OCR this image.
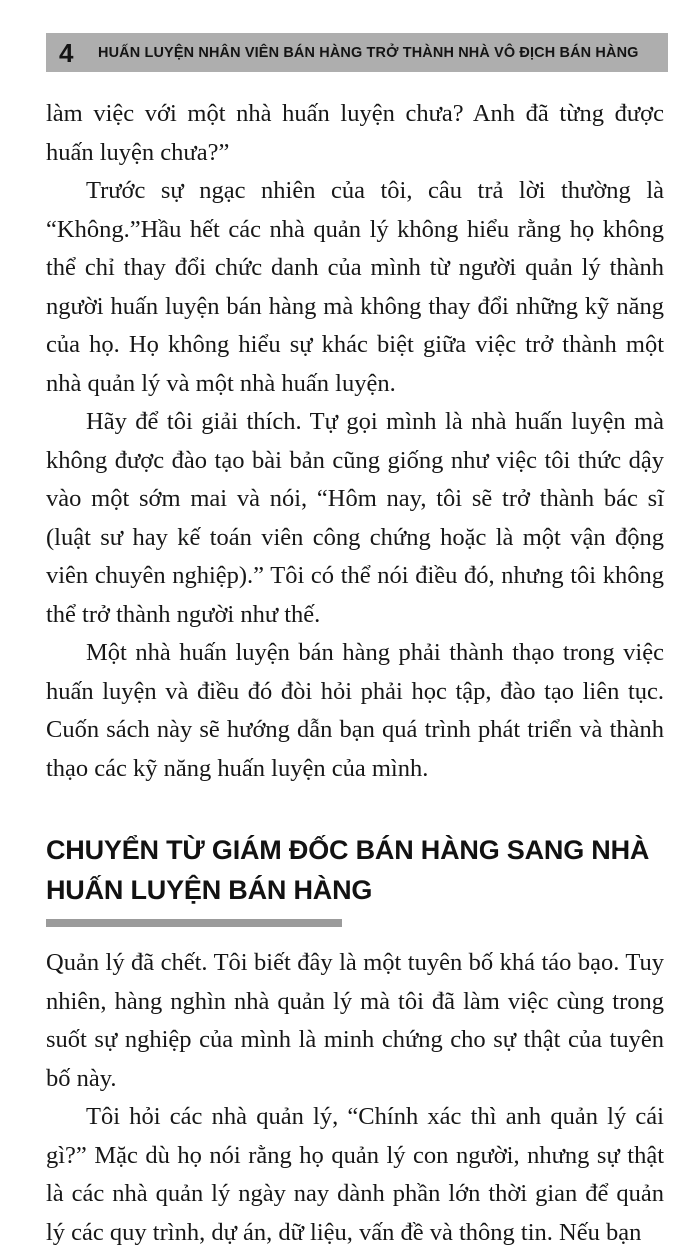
4 HUẤN LUYỆN NHÂN VIÊN BÁN HÀNG TRỞ THÀNH NHÀ VÔ ĐỊCH BÁN HÀNG

làm việc với một nhà huấn luyện chưa? Anh đã từng được huấn luyện chưa?”

Trước sự ngạc nhiên của tôi, câu trả lời thường là “Không.”Hầu hết các nhà quản lý không hiểu rằng họ không thể chỉ thay đổi chức danh của mình từ người quản lý thành người huấn luyện bán hàng mà không thay đổi những kỹ năng của họ. Họ không hiểu sự khác biệt giữa việc trở thành một nhà quản lý và một nhà huấn luyện.

Hãy để tôi giải thích. Tự gọi mình là nhà huấn luyện mà không được đào tạo bài bản cũng giống như việc tôi thức dậy vào một sớm mai và nói, “Hôm nay, tôi sẽ trở thành bác sĩ (luật sư hay kế toán viên công chứng hoặc là một vận động viên chuyên nghiệp).” Tôi có thể nói điều đó, nhưng tôi không thể trở thành người như thế.

Một nhà huấn luyện bán hàng phải thành thạo trong việc huấn luyện và điều đó đòi hỏi phải học tập, đào tạo liên tục. Cuốn sách này sẽ hướng dẫn bạn quá trình phát triển và thành thạo các kỹ năng huấn luyện của mình.

CHUYỂN TỪ GIÁM ĐỐC BÁN HÀNG SANG NHÀ HUẤN LUYỆN BÁN HÀNG

Quản lý đã chết. Tôi biết đây là một tuyên bố khá táo bạo. Tuy nhiên, hàng nghìn nhà quản lý mà tôi đã làm việc cùng trong suốt sự nghiệp của mình là minh chứng cho sự thật của tuyên bố này.

Tôi hỏi các nhà quản lý, “Chính xác thì anh quản lý cái gì?” Mặc dù họ nói rằng họ quản lý con người, nhưng sự thật là các nhà quản lý ngày nay dành phần lớn thời gian để quản lý các quy trình, dự án, dữ liệu, vấn đề và thông tin. Nếu bạn
